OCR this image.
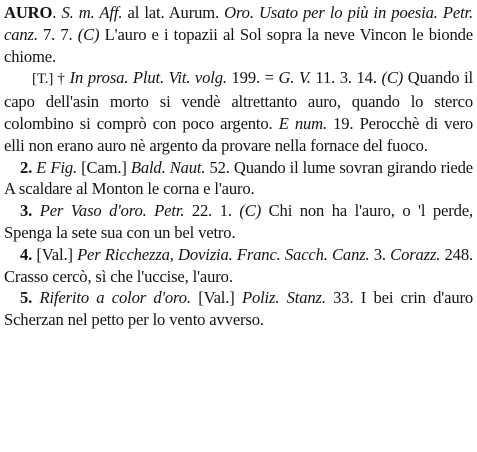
AURO. S. m. Aff. al lat. Aurum. Oro. Usato per lo più in poesia. Petr. canz. 7. 7. (C) L'auro e i topazii al Sol sopra la neve Vincon le bionde chiome.

[T.] † In prosa. Plut. Vit. volg. 199. = G. V. 11. 3. 14. (C) Quando il capo dell'asin morto si vendè altrettanto auro, quando lo sterco colombino si comprò con poco argento. E num. 19. Perocchè di vero elli non erano auro nè argento da provare nella fornace del fuoco.

2. E Fig. [Cam.] Bald. Naut. 52. Quando il lume sovran girando riede A scaldare al Monton le corna e l'auro.

3. Per Vaso d'oro. Petr. 22. 1. (C) Chi non ha l'auro, o 'l perde, Spenga la sete sua con un bel vetro.

4. [Val.] Per Ricchezza, Dovizia. Franc. Sacch. Canz. 3. Corazz. 248. Crasso cercò, sì che l'uccise, l'auro.

5. Riferito a color d'oro. [Val.] Poliz. Stanz. 33. I bei crin d'auro Scherzan nel petto per lo vento avverso.
